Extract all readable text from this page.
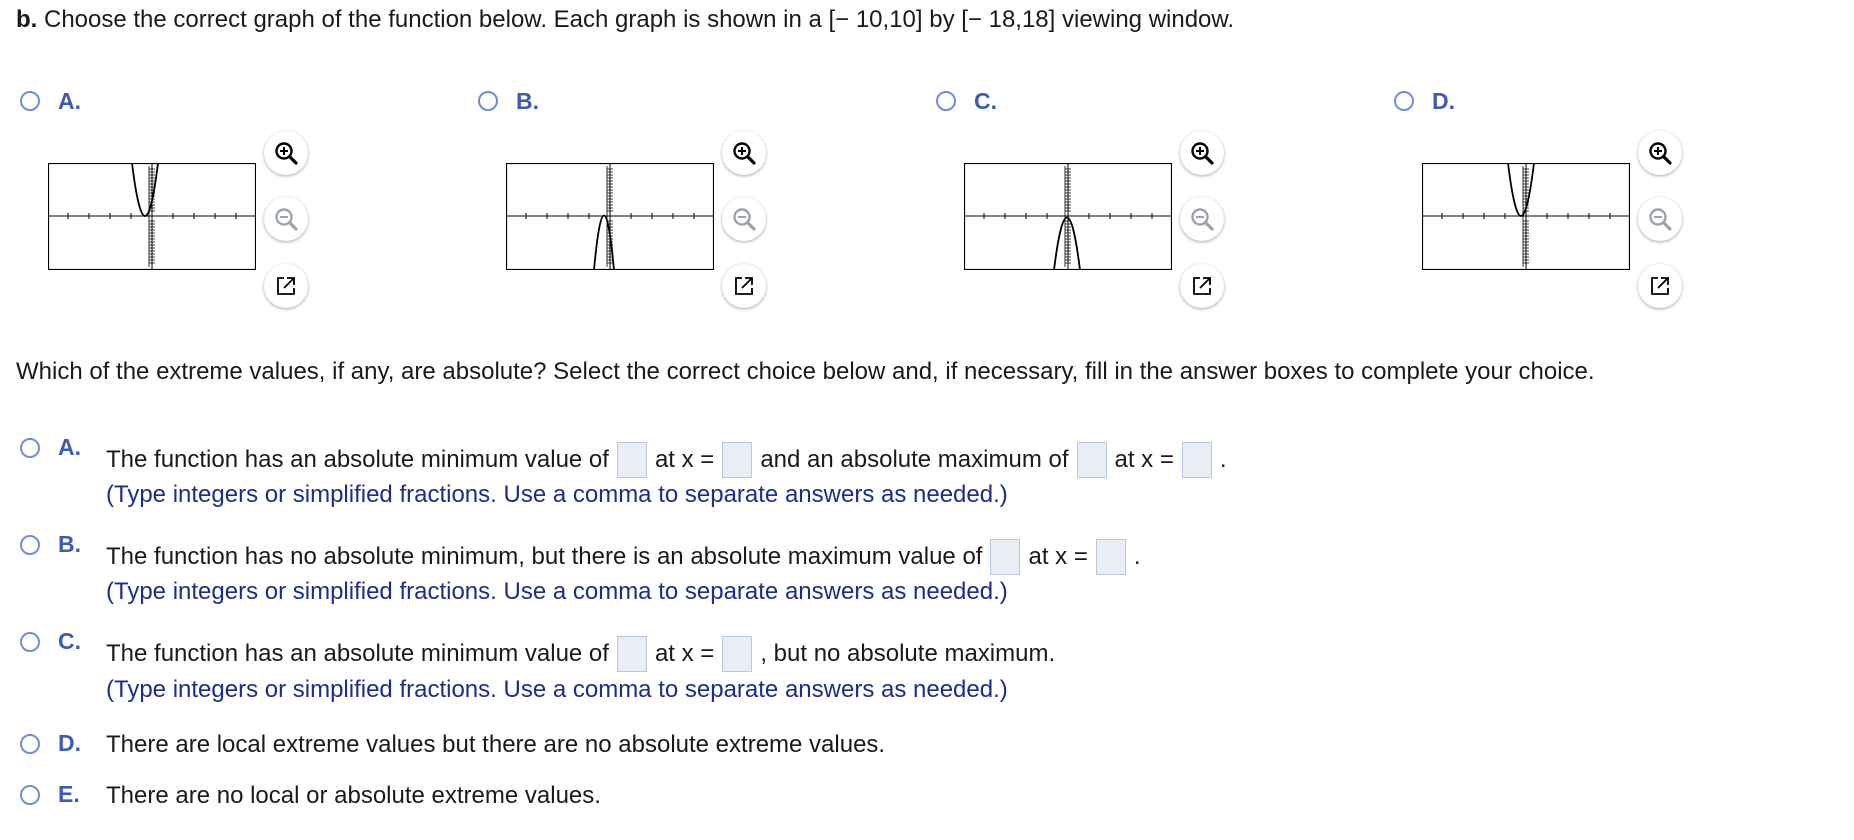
b. Choose the correct graph of the function below. Each graph is shown in a [− 10,10] by [− 18,18] viewing window.
A.	B.	C.	D.
Which of the extreme values, if any, are absolute? Select the correct choice below and, if necessary, fill in the answer boxes to complete your choice.
A. The function has an absolute minimum value of at x = and an absolute maximum of at x = .
(Type integers or simplified fractions. Use a comma to separate answers as needed.)
B. The function has no absolute minimum, but there is an absolute maximum value of at x = .
(Type integers or simplified fractions. Use a comma to separate answers as needed.)
C. The function has an absolute minimum value of at x = , but no absolute maximum.
(Type integers or simplified fractions. Use a comma to separate answers as needed.)
D. There are local extreme values but there are no absolute extreme values.
E. There are no local or absolute extreme values.
